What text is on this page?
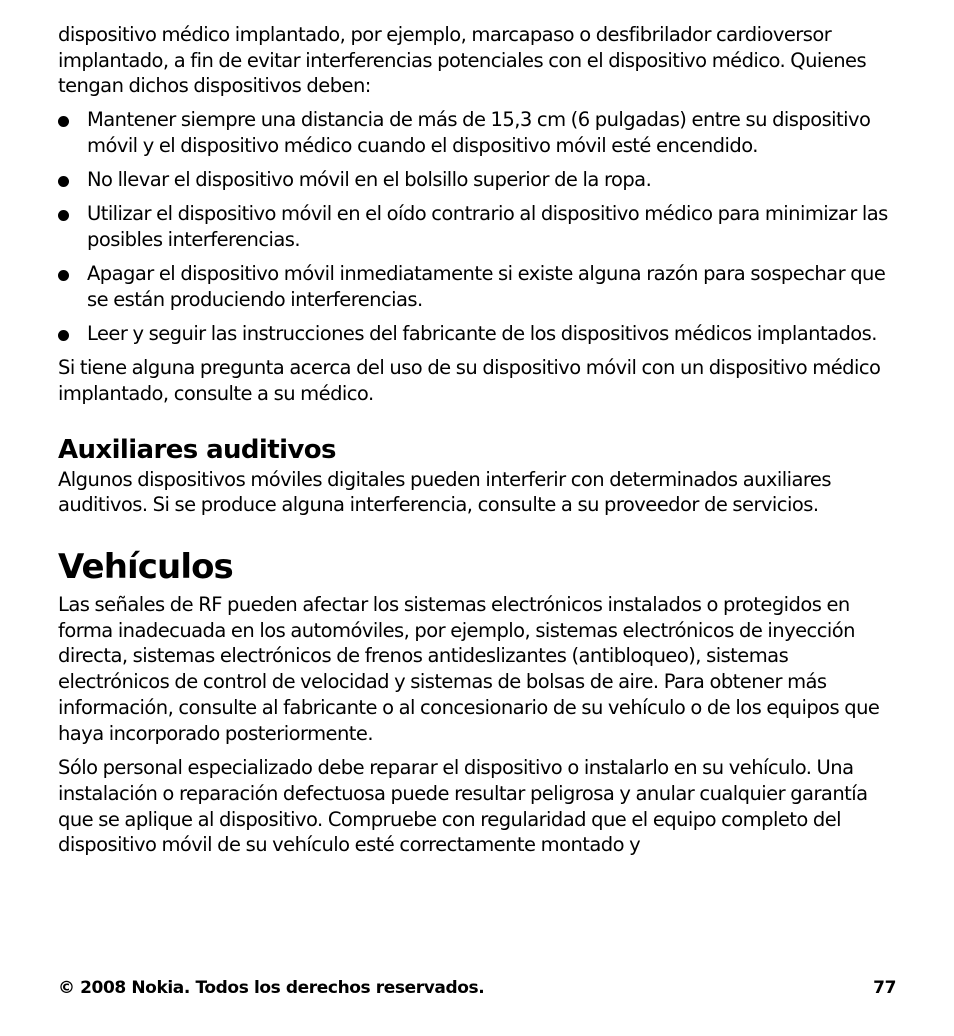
dispositivo médico implantado, por ejemplo, marcapaso o desfibrilador cardioversor implantado, a fin de evitar interferencias potenciales con el dispositivo médico. Quienes tengan dichos dispositivos deben:

Mantener siempre una distancia de más de 15,3 cm (6 pulgadas) entre su dispositivo móvil y el dispositivo médico cuando el dispositivo móvil esté encendido.
No llevar el dispositivo móvil en el bolsillo superior de la ropa.
Utilizar el dispositivo móvil en el oído contrario al dispositivo médico para minimizar las posibles interferencias.
Apagar el dispositivo móvil inmediatamente si existe alguna razón para sospechar que se están produciendo interferencias.
Leer y seguir las instrucciones del fabricante de los dispositivos médicos implantados.

Si tiene alguna pregunta acerca del uso de su dispositivo móvil con un dispositivo médico implantado, consulte a su médico.

Auxiliares auditivos

Algunos dispositivos móviles digitales pueden interferir con determinados auxiliares auditivos. Si se produce alguna interferencia, consulte a su proveedor de servicios.

Vehículos

Las señales de RF pueden afectar los sistemas electrónicos instalados o protegidos en forma inadecuada en los automóviles, por ejemplo, sistemas electrónicos de inyección directa, sistemas electrónicos de frenos antideslizantes (antibloqueo), sistemas electrónicos de control de velocidad y sistemas de bolsas de aire. Para obtener más información, consulte al fabricante o al concesionario de su vehículo o de los equipos que haya incorporado posteriormente.

Sólo personal especializado debe reparar el dispositivo o instalarlo en su vehículo. Una instalación o reparación defectuosa puede resultar peligrosa y anular cualquier garantía que se aplique al dispositivo. Compruebe con regularidad que el equipo completo del dispositivo móvil de su vehículo esté correctamente montado y

© 2008 Nokia. Todos los derechos reservados.	77
